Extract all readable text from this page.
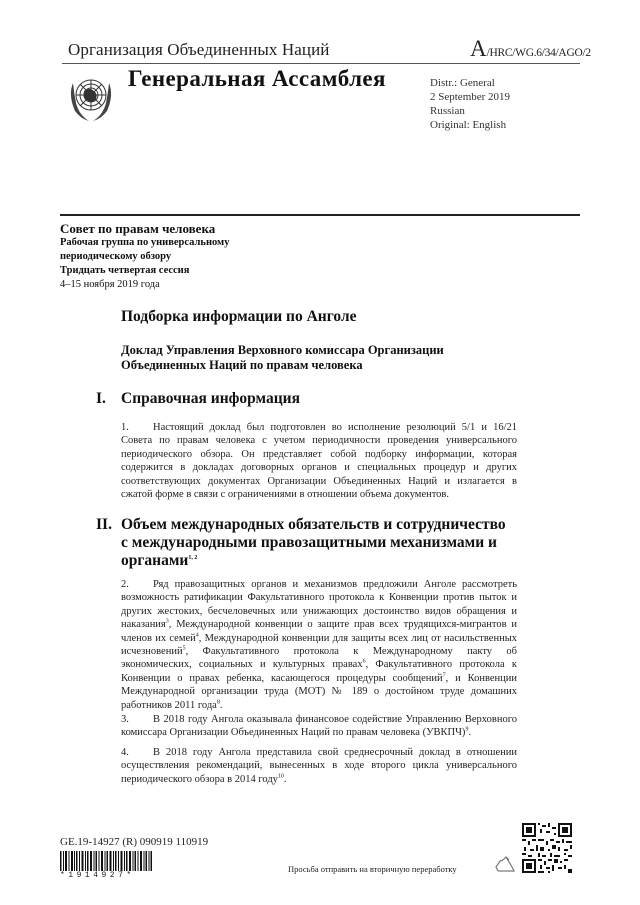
Организация Объединенных Наций	A/HRC/WG.6/34/AGO/2
Генеральная Ассамблея	Distr.: General
2 September 2019
Russian
Original: English
Совет по правам человека
Рабочая группа по универсальному
периодическому обзору
Тридцать четвертая сессия
4–15 ноября 2019 года
Подборка информации по Анголе
Доклад Управления Верховного комиссара Организации Объединенных Наций по правам человека
I. Справочная информация
1. Настоящий доклад был подготовлен во исполнение резолюций 5/1 и 16/21 Совета по правам человека с учетом периодичности проведения универсального периодического обзора. Он представляет собой подборку информации, которая содержится в докладах договорных органов и специальных процедур и других соответствующих документах Организации Объединенных Наций и излагается в сжатой форме в связи с ограничениями в отношении объема документов.
II. Объем международных обязательств и сотрудничество с международными правозащитными механизмами и органами$^{1, 2}$
2. Ряд правозащитных органов и механизмов предложили Анголе рассмотреть возможность ратификации Факультативного протокола к Конвенции против пыток и других жестоких, бесчеловечных или унижающих достоинство видов обращения и наказания$^3$, Международной конвенции о защите прав всех трудящихся-мигрантов и членов их семей$^4$, Международной конвенции для защиты всех лиц от насильственных исчезновений$^5$, Факультативного протокола к Международному пакту об экономических, социальных и культурных правах$^6$, Факультативного протокола к Конвенции о правах ребенка, касающегося процедуры сообщений$^7$, и Конвенции Международной организации труда (МОТ) № 189 о достойном труде домашних работников 2011 года$^8$.
3. В 2018 году Ангола оказывала финансовое содействие Управлению Верховного комиссара Организации Объединенных Наций по правам человека (УВКПЧ)$^9$.
4. В 2018 году Ангола представила свой среднесрочный доклад в отношении осуществления рекомендаций, вынесенных в ходе второго цикла универсального периодического обзора в 2014 году$^{10}$.
GE.19-14927 (R) 090919 110919
*1914927*
Просьба отправить на вторичную переработку
